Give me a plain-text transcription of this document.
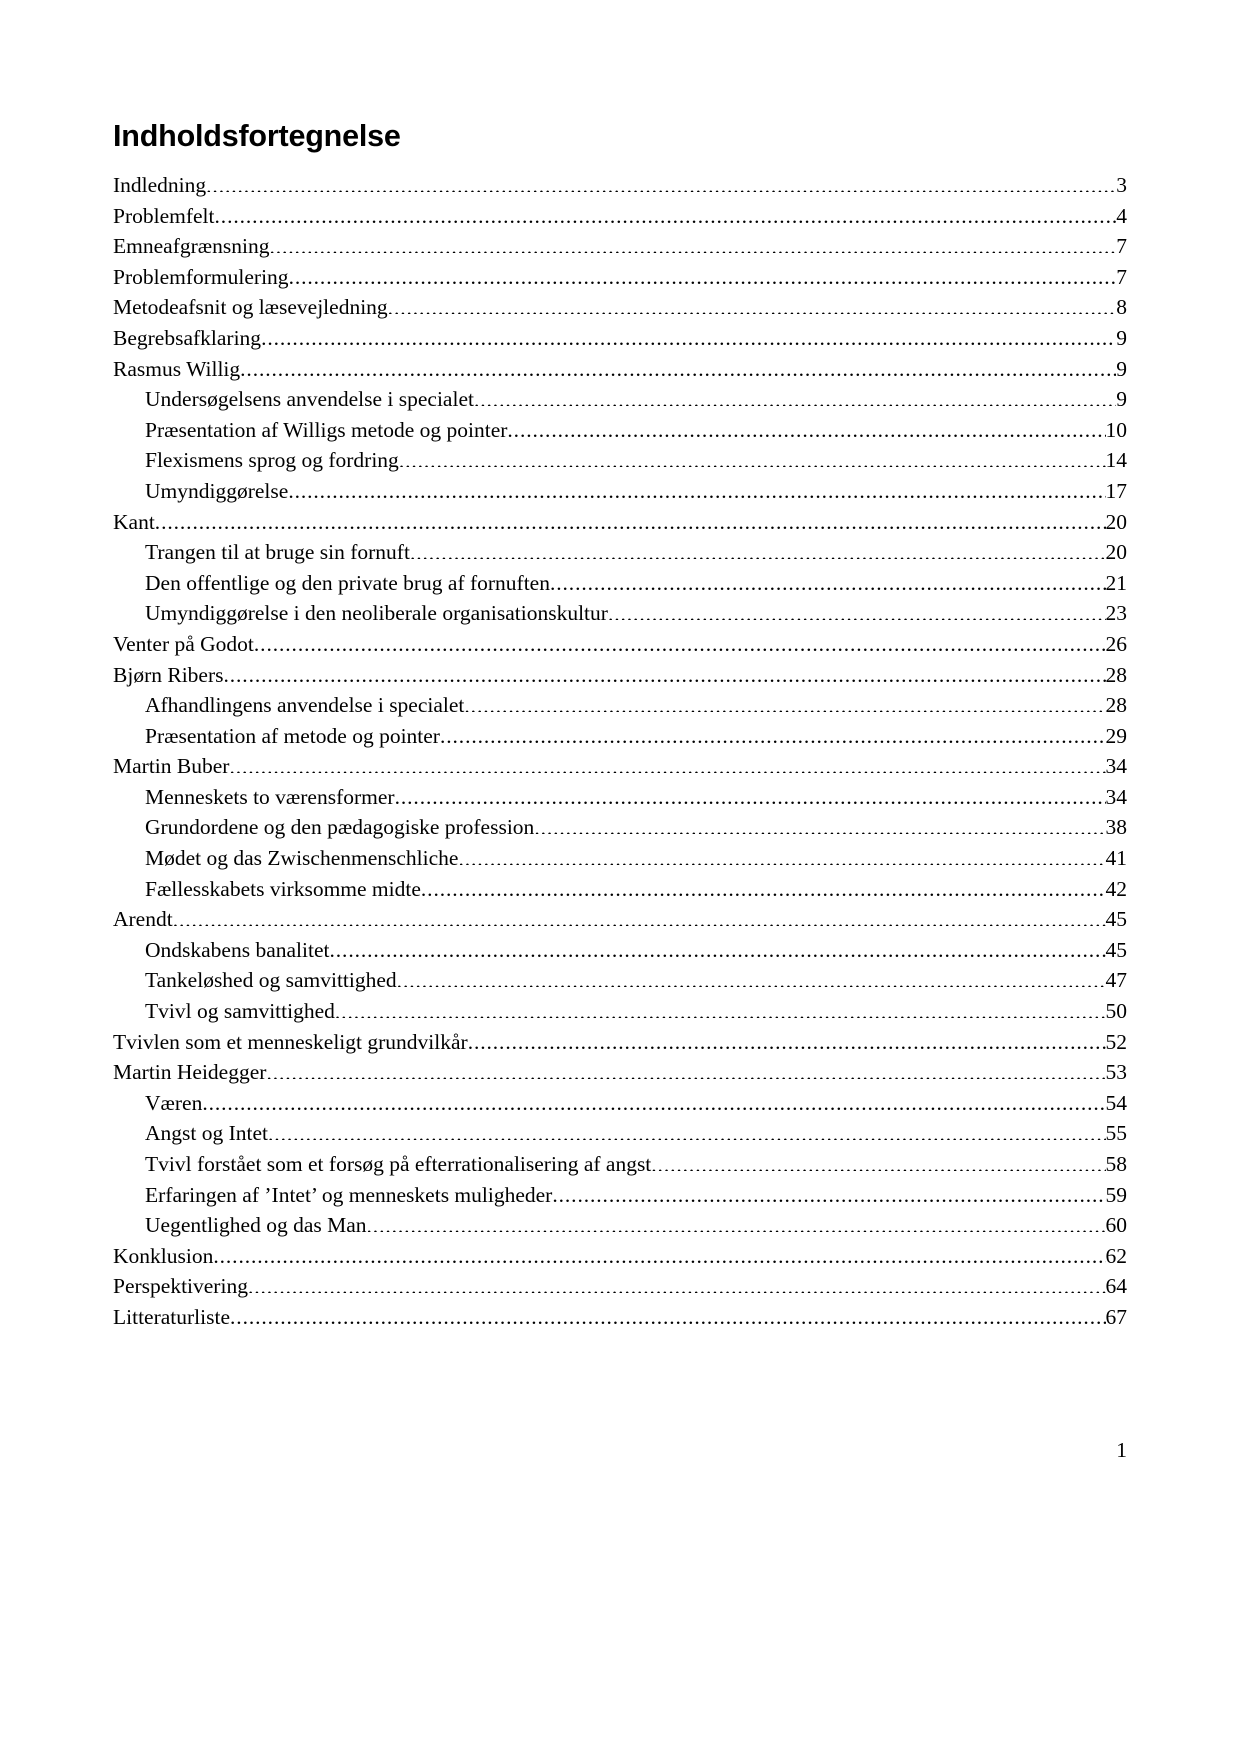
Indholdsfortegnelse
Indledning .....	3
Problemfelt .....	4
Emneafgrænsning .....	7
Problemformulering .....	7
Metodeafsnit og læsevejledning .....	8
Begrebsafklaring .....	9
Rasmus Willig .....	9
Undersøgelsens anvendelse i specialet .....	9
Præsentation af Willigs metode og pointer .....	10
Flexismens sprog og fordring .....	14
Umyndiggørelse .....	17
Kant .....	20
Trangen til at bruge sin fornuft .....	20
Den offentlige og den private brug af fornuften .....	21
Umyndiggørelse i den neoliberale organisationskultur .....	23
Venter på Godot .....	26
Bjørn Ribers .....	28
Afhandlingens anvendelse i specialet .....	28
Præsentation af metode og pointer .....	29
Martin Buber .....	34
Menneskets to værensformer .....	34
Grundordene og den pædagogiske profession .....	38
Mødet og das Zwischenmenschliche .....	41
Fællesskabets virksomme midte .....	42
Arendt .....	45
Ondskabens banalitet .....	45
Tankeløshed og samvittighed .....	47
Tvivl og samvittighed .....	50
Tvivlen som et menneskeligt grundvilkår .....	52
Martin Heidegger .....	53
Væren .....	54
Angst og Intet .....	55
Tvivl forstået som et forsøg på efterrationalisering af angst .....	58
Erfaringen af ’Intet’ og menneskets muligheder .....	59
Uegentlighed og das Man .....	60
Konklusion .....	62
Perspektivering .....	64
Litteraturliste .....	67
1
